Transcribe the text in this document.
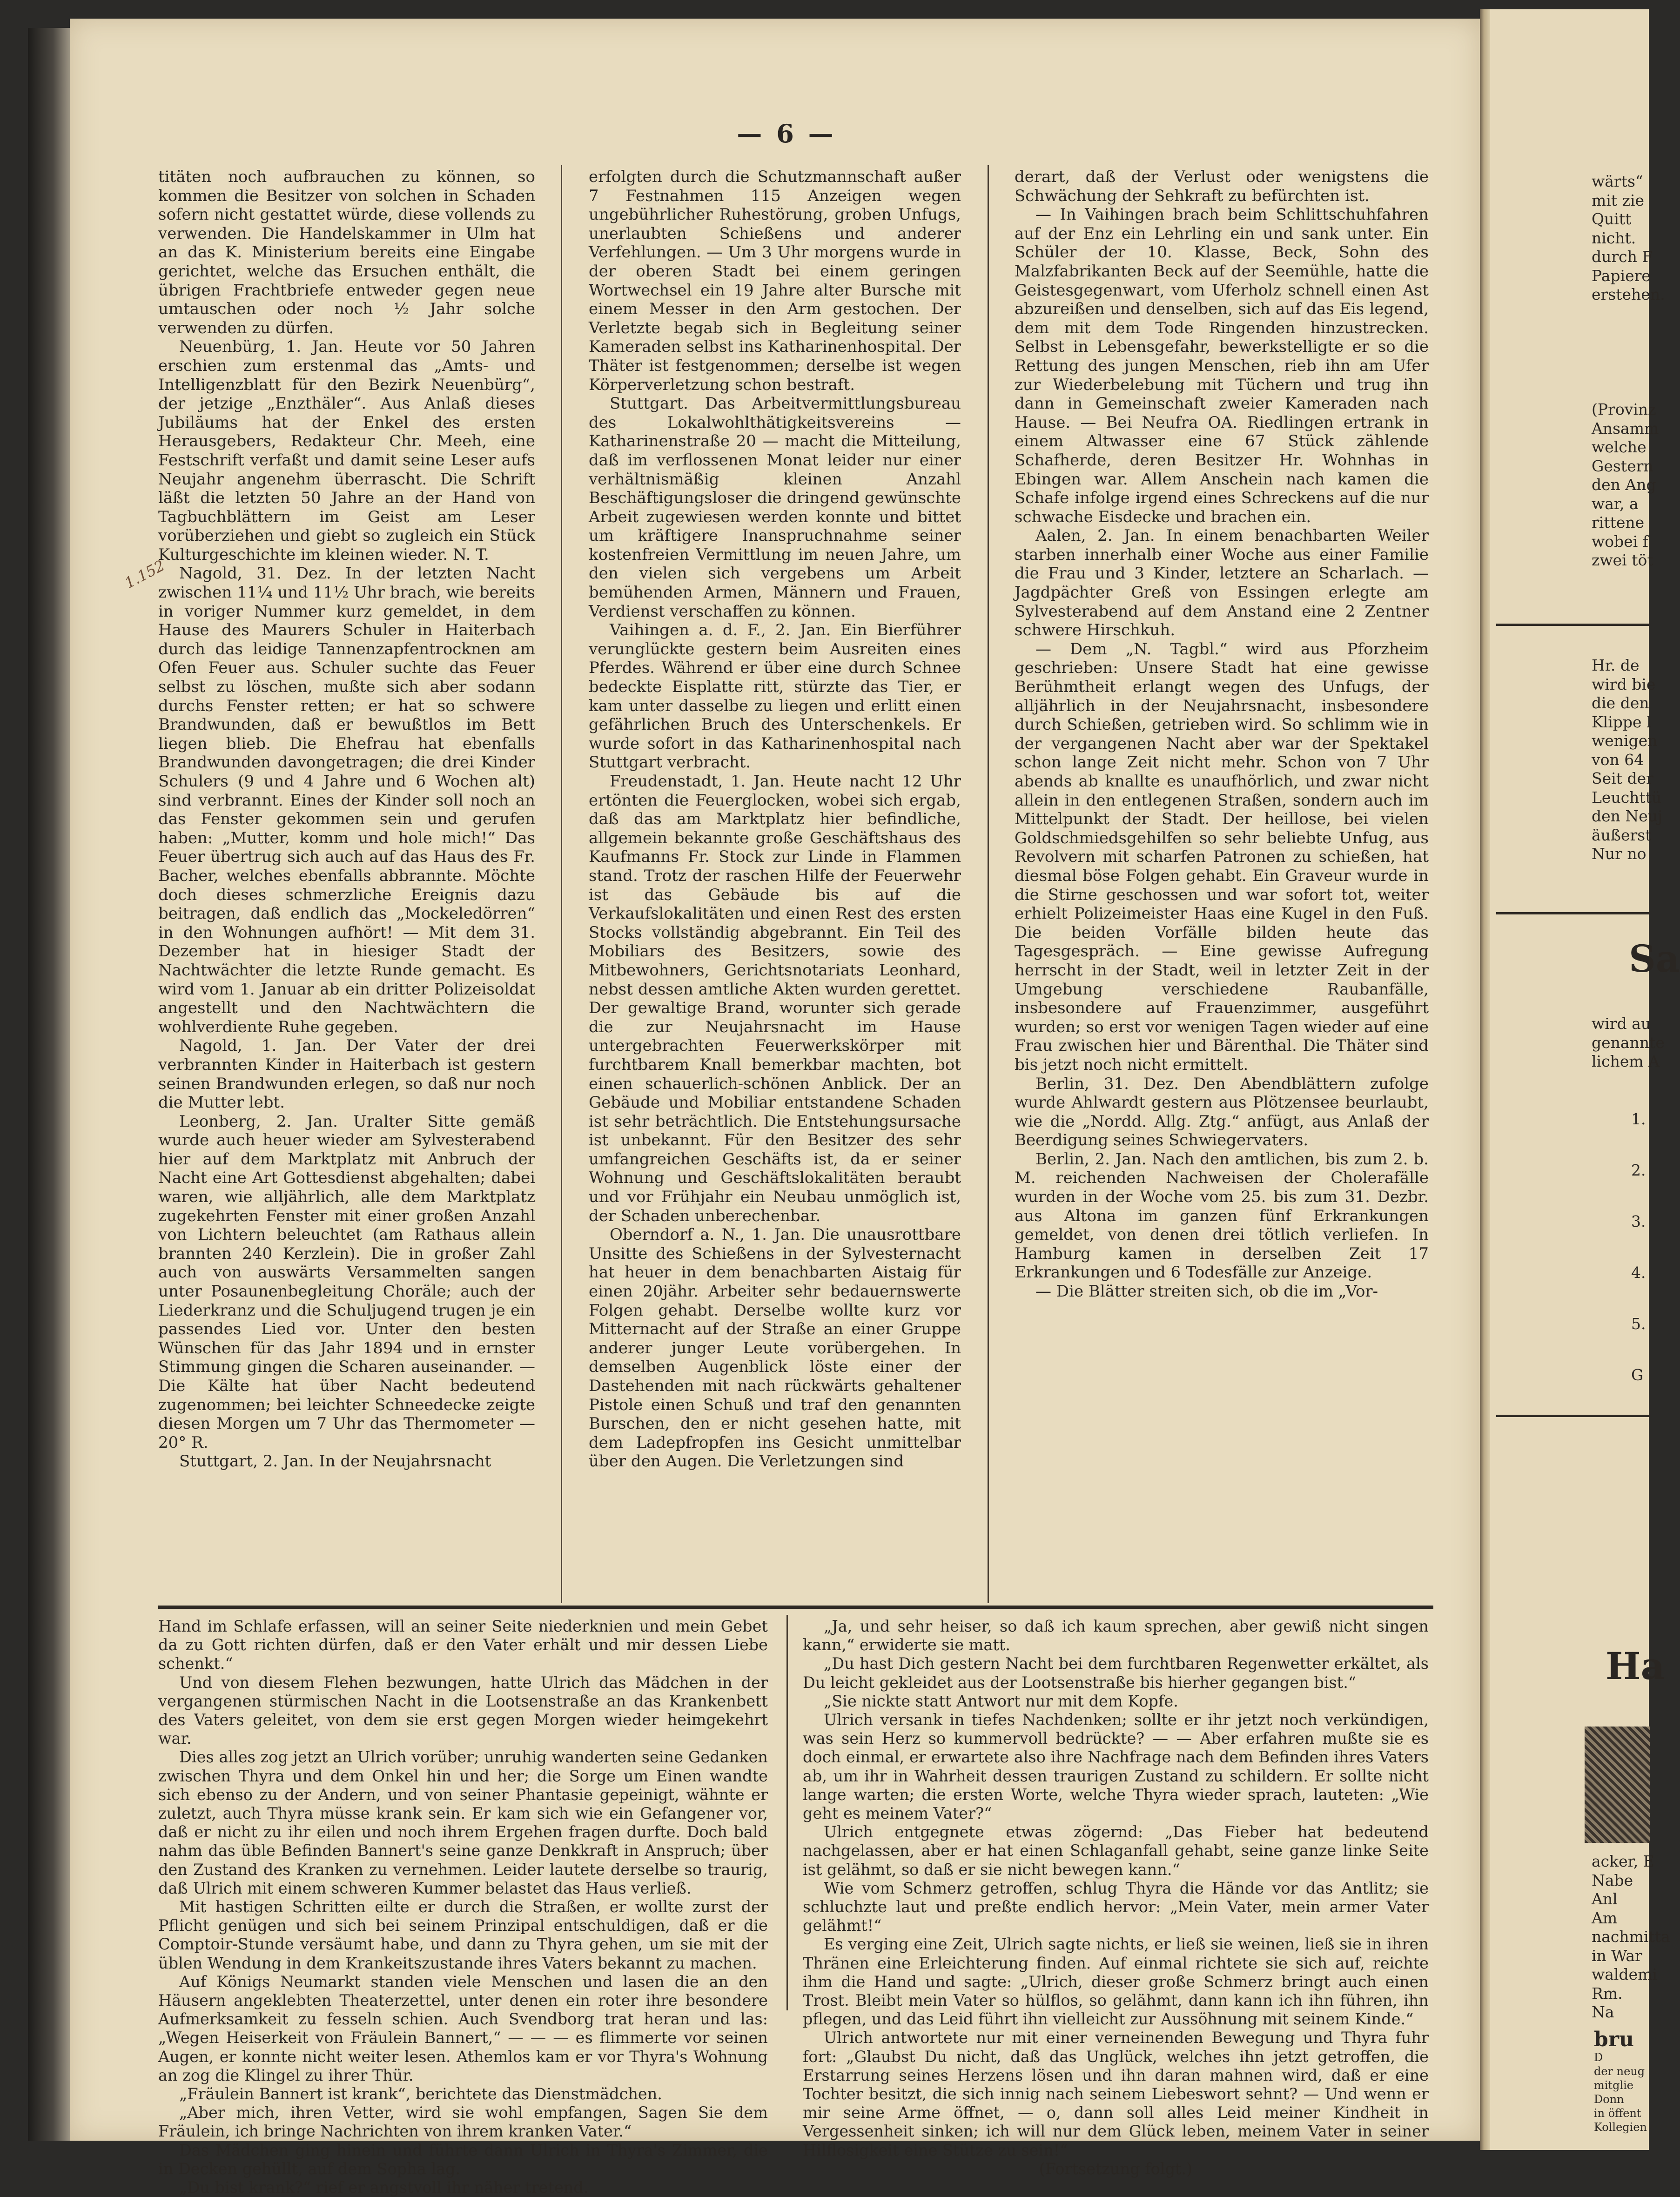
— 6 —
1.152

titäten noch aufbrauchen zu können, so kommen die Besitzer von solchen in Schaden sofern nicht gestattet würde, diese vollends zu verwenden. Die Handelskammer in Ulm hat an das K. Ministerium bereits eine Eingabe gerichtet, welche das Ersuchen enthält, die übrigen Frachtbriefe entweder gegen neue umtauschen oder noch ½ Jahr solche verwenden zu dürfen.

Neuenbürg, 1. Jan. Heute vor 50 Jahren erschien zum erstenmal das „Amts- und Intelligenzblatt für den Bezirk Neuenbürg“, der jetzige „Enzthäler“. Aus Anlaß dieses Jubiläums hat der Enkel des ersten Herausgebers, Redakteur Chr. Meeh, eine Festschrift verfaßt und damit seine Leser aufs Neujahr angenehm überrascht. Die Schrift läßt die letzten 50 Jahre an der Hand von Tagbuchblättern im Geist am Leser vorüberziehen und giebt so zugleich ein Stück Kulturgeschichte im kleinen wieder. N. T.

Nagold, 31. Dez. In der letzten Nacht zwischen 11¼ und 11½ Uhr brach, wie bereits in voriger Nummer kurz gemeldet, in dem Hause des Maurers Schuler in Haiterbach durch das leidige Tannenzapfentrocknen am Ofen Feuer aus. Schuler suchte das Feuer selbst zu löschen, mußte sich aber sodann durchs Fenster retten; er hat so schwere Brandwunden, daß er bewußtlos im Bett liegen blieb. Die Ehefrau hat ebenfalls Brandwunden davongetragen; die drei Kinder Schulers (9 und 4 Jahre und 6 Wochen alt) sind verbrannt. Eines der Kinder soll noch an das Fenster gekommen sein und gerufen haben: „Mutter, komm und hole mich!“ Das Feuer übertrug sich auch auf das Haus des Fr. Bacher, welches ebenfalls abbrannte. Möchte doch dieses schmerzliche Ereignis dazu beitragen, daß endlich das „Mockeledörren“ in den Wohnungen aufhört! — Mit dem 31. Dezember hat in hiesiger Stadt der Nachtwächter die letzte Runde gemacht. Es wird vom 1. Januar ab ein dritter Polizeisoldat angestellt und den Nachtwächtern die wohlverdiente Ruhe gegeben.

Nagold, 1. Jan. Der Vater der drei verbrannten Kinder in Haiterbach ist gestern seinen Brandwunden erlegen, so daß nur noch die Mutter lebt.

Leonberg, 2. Jan. Uralter Sitte gemäß wurde auch heuer wieder am Sylvesterabend hier auf dem Marktplatz mit Anbruch der Nacht eine Art Gottesdienst abgehalten; dabei waren, wie alljährlich, alle dem Marktplatz zugekehrten Fenster mit einer großen Anzahl von Lichtern beleuchtet (am Rathaus allein brannten 240 Kerzlein). Die in großer Zahl auch von auswärts Versammelten sangen unter Posaunenbegleitung Choräle; auch der Liederkranz und die Schuljugend trugen je ein passendes Lied vor. Unter den besten Wünschen für das Jahr 1894 und in ernster Stimmung gingen die Scharen auseinander. — Die Kälte hat über Nacht bedeutend zugenommen; bei leichter Schneedecke zeigte diesen Morgen um 7 Uhr das Thermometer — 20° R.

Stuttgart, 2. Jan. In der Neujahrsnacht

erfolgten durch die Schutzmannschaft außer 7 Festnahmen 115 Anzeigen wegen ungebührlicher Ruhestörung, groben Unfugs, unerlaubten Schießens und anderer Verfehlungen. — Um 3 Uhr morgens wurde in der oberen Stadt bei einem geringen Wortwechsel ein 19 Jahre alter Bursche mit einem Messer in den Arm gestochen. Der Verletzte begab sich in Begleitung seiner Kameraden selbst ins Katharinenhospital. Der Thäter ist festgenommen; derselbe ist wegen Körperverletzung schon bestraft.

Stuttgart. Das Arbeitvermittlungsbureau des Lokalwohlthätigkeitsvereins — Katharinenstraße 20 — macht die Mitteilung, daß im verflossenen Monat leider nur einer verhältnismäßig kleinen Anzahl Beschäftigungsloser die dringend gewünschte Arbeit zugewiesen werden konnte und bittet um kräftigere Inanspruchnahme seiner kostenfreien Vermittlung im neuen Jahre, um den vielen sich vergebens um Arbeit bemühenden Armen, Männern und Frauen, Verdienst verschaffen zu können.

Vaihingen a. d. F., 2. Jan. Ein Bierführer verunglückte gestern beim Ausreiten eines Pferdes. Während er über eine durch Schnee bedeckte Eisplatte ritt, stürzte das Tier, er kam unter dasselbe zu liegen und erlitt einen gefährlichen Bruch des Unterschenkels. Er wurde sofort in das Katharinenhospital nach Stuttgart verbracht.

Freudenstadt, 1. Jan. Heute nacht 12 Uhr ertönten die Feuerglocken, wobei sich ergab, daß das am Marktplatz hier befindliche, allgemein bekannte große Geschäftshaus des Kaufmanns Fr. Stock zur Linde in Flammen stand. Trotz der raschen Hilfe der Feuerwehr ist das Gebäude bis auf die Verkaufslokalitäten und einen Rest des ersten Stocks vollständig abgebrannt. Ein Teil des Mobiliars des Besitzers, sowie des Mitbewohners, Gerichtsnotariats Leonhard, nebst dessen amtliche Akten wurden gerettet. Der gewaltige Brand, worunter sich gerade die zur Neujahrsnacht im Hause untergebrachten Feuerwerkskörper mit furchtbarem Knall bemerkbar machten, bot einen schauerlich-schönen Anblick. Der an Gebäude und Mobiliar entstandene Schaden ist sehr beträchtlich. Die Entstehungsursache ist unbekannt. Für den Besitzer des sehr umfangreichen Geschäfts ist, da er seiner Wohnung und Geschäftslokalitäten beraubt und vor Frühjahr ein Neubau unmöglich ist, der Schaden unberechenbar.

Oberndorf a. N., 1. Jan. Die unausrottbare Unsitte des Schießens in der Sylvesternacht hat heuer in dem benachbarten Aistaig für einen 20jähr. Arbeiter sehr bedauernswerte Folgen gehabt. Derselbe wollte kurz vor Mitternacht auf der Straße an einer Gruppe anderer junger Leute vorübergehen. In demselben Augenblick löste einer der Dastehenden mit nach rückwärts gehaltener Pistole einen Schuß und traf den genannten Burschen, den er nicht gesehen hatte, mit dem Ladepfropfen ins Gesicht unmittelbar über den Augen. Die Verletzungen sind

derart, daß der Verlust oder wenigstens die Schwächung der Sehkraft zu befürchten ist.

— In Vaihingen brach beim Schlittschuhfahren auf der Enz ein Lehrling ein und sank unter. Ein Schüler der 10. Klasse, Beck, Sohn des Malzfabrikanten Beck auf der Seemühle, hatte die Geistesgegenwart, vom Uferholz schnell einen Ast abzureißen und denselben, sich auf das Eis legend, dem mit dem Tode Ringenden hinzustrecken. Selbst in Lebensgefahr, bewerkstelligte er so die Rettung des jungen Menschen, rieb ihn am Ufer zur Wiederbelebung mit Tüchern und trug ihn dann in Gemeinschaft zweier Kameraden nach Hause. — Bei Neufra OA. Riedlingen ertrank in einem Altwasser eine 67 Stück zählende Schafherde, deren Besitzer Hr. Wohnhas in Ebingen war. Allem Anschein nach kamen die Schafe infolge irgend eines Schreckens auf die nur schwache Eisdecke und brachen ein.

Aalen, 2. Jan. In einem benachbarten Weiler starben innerhalb einer Woche aus einer Familie die Frau und 3 Kinder, letztere an Scharlach. — Jagdpächter Greß von Essingen erlegte am Sylvesterabend auf dem Anstand eine 2 Zentner schwere Hirschkuh.

— Dem „N. Tagbl.“ wird aus Pforzheim geschrieben: Unsere Stadt hat eine gewisse Berühmtheit erlangt wegen des Unfugs, der alljährlich in der Neujahrsnacht, insbesondere durch Schießen, getrieben wird. So schlimm wie in der vergangenen Nacht aber war der Spektakel schon lange Zeit nicht mehr. Schon von 7 Uhr abends ab knallte es unaufhörlich, und zwar nicht allein in den entlegenen Straßen, sondern auch im Mittelpunkt der Stadt. Der heillose, bei vielen Goldschmiedsgehilfen so sehr beliebte Unfug, aus Revolvern mit scharfen Patronen zu schießen, hat diesmal böse Folgen gehabt. Ein Graveur wurde in die Stirne geschossen und war sofort tot, weiter erhielt Polizeimeister Haas eine Kugel in den Fuß. Die beiden Vorfälle bilden heute das Tagesgespräch. — Eine gewisse Aufregung herrscht in der Stadt, weil in letzter Zeit in der Umgebung verschiedene Raubanfälle, insbesondere auf Frauenzimmer, ausgeführt wurden; so erst vor wenigen Tagen wieder auf eine Frau zwischen hier und Bärenthal. Die Thäter sind bis jetzt noch nicht ermittelt.

Berlin, 31. Dez. Den Abendblättern zufolge wurde Ahlwardt gestern aus Plötzensee beurlaubt, wie die „Nordd. Allg. Ztg.“ anfügt, aus Anlaß der Beerdigung seines Schwiegervaters.

Berlin, 2. Jan. Nach den amtlichen, bis zum 2. b. M. reichenden Nachweisen der Cholerafälle wurden in der Woche vom 25. bis zum 31. Dezbr. aus Altona im ganzen fünf Erkrankungen gemeldet, von denen drei tötlich verliefen. In Hamburg kamen in derselben Zeit 17 Erkrankungen und 6 Todesfälle zur Anzeige.

— Die Blätter streiten sich, ob die im „Vor-

Hand im Schlafe erfassen, will an seiner Seite niederknien und mein Gebet da zu Gott richten dürfen, daß er den Vater erhält und mir dessen Liebe schenkt.“

Und von diesem Flehen bezwungen, hatte Ulrich das Mädchen in der vergangenen stürmischen Nacht in die Lootsenstraße an das Krankenbett des Vaters geleitet, von dem sie erst gegen Morgen wieder heimgekehrt war.

Dies alles zog jetzt an Ulrich vorüber; unruhig wanderten seine Gedanken zwischen Thyra und dem Onkel hin und her; die Sorge um Einen wandte sich ebenso zu der Andern, und von seiner Phantasie gepeinigt, wähnte er zuletzt, auch Thyra müsse krank sein. Er kam sich wie ein Gefangener vor, daß er nicht zu ihr eilen und noch ihrem Ergehen fragen durfte. Doch bald nahm das üble Befinden Bannert's seine ganze Denkkraft in Anspruch; über den Zustand des Kranken zu vernehmen. Leider lautete derselbe so traurig, daß Ulrich mit einem schweren Kummer belastet das Haus verließ.

Mit hastigen Schritten eilte er durch die Straßen, er wollte zurst der Pflicht genügen und sich bei seinem Prinzipal entschuldigen, daß er die Comptoir-Stunde versäumt habe, und dann zu Thyra gehen, um sie mit der üblen Wendung in dem Krankeitszustande ihres Vaters bekannt zu machen.

Auf Königs Neumarkt standen viele Menschen und lasen die an den Häusern angeklebten Theaterzettel, unter denen ein roter ihre besondere Aufmerksamkeit zu fesseln schien. Auch Svendborg trat heran und las: „Wegen Heiserkeit von Fräulein Bannert,“ — — — es flimmerte vor seinen Augen, er konnte nicht weiter lesen. Athemlos kam er vor Thyra's Wohnung an zog die Klingel zu ihrer Thür.

„Fräulein Bannert ist krank“, berichtete das Dienstmädchen.

„Aber mich, ihren Vetter, wird sie wohl empfangen, Sagen Sie dem Fräulein, ich bringe Nachrichten von ihrem kranken Vater.“

Das Mädchen ging hinein und führte dann Ulrich in Thyra's Zimmer, die in Decken gehüllt, auf dem Sopha lag.

„Du bist krank?“ rief er angstvoll ihr näher tretend.

„Ja, und sehr heiser, so daß ich kaum sprechen, aber gewiß nicht singen kann,“ erwiderte sie matt.

„Du hast Dich gestern Nacht bei dem furchtbaren Regenwetter erkältet, als Du leicht gekleidet aus der Lootsenstraße bis hierher gegangen bist.“

„Sie nickte statt Antwort nur mit dem Kopfe.

Ulrich versank in tiefes Nachdenken; sollte er ihr jetzt noch verkündigen, was sein Herz so kummervoll bedrückte? — — Aber erfahren mußte sie es doch einmal, er erwartete also ihre Nachfrage nach dem Befinden ihres Vaters ab, um ihr in Wahrheit dessen traurigen Zustand zu schildern. Er sollte nicht lange warten; die ersten Worte, welche Thyra wieder sprach, lauteten: „Wie geht es meinem Vater?“

Ulrich entgegnete etwas zögernd: „Das Fieber hat bedeutend nachgelassen, aber er hat einen Schlaganfall gehabt, seine ganze linke Seite ist gelähmt, so daß er sie nicht bewegen kann.“

Wie vom Schmerz getroffen, schlug Thyra die Hände vor das Antlitz; sie schluchzte laut und preßte endlich hervor: „Mein Vater, mein armer Vater gelähmt!“

Es verging eine Zeit, Ulrich sagte nichts, er ließ sie weinen, ließ sie in ihren Thränen eine Erleichterung finden. Auf einmal richtete sie sich auf, reichte ihm die Hand und sagte: „Ulrich, dieser große Schmerz bringt auch einen Trost. Bleibt mein Vater so hülflos, so gelähmt, dann kann ich ihn führen, ihn pflegen, und das Leid führt ihn vielleicht zur Aussöhnung mit seinem Kinde.“

Ulrich antwortete nur mit einer verneinenden Bewegung und Thyra fuhr fort: „Glaubst Du nicht, daß das Unglück, welches ihn jetzt getroffen, die Erstarrung seines Herzens lösen und ihn daran mahnen wird, daß er eine Tochter besitzt, die sich innig nach seinem Liebeswort sehnt? — Und wenn er mir seine Arme öffnet, — o, dann soll alles Leid meiner Kindheit in Vergessenheit sinken; ich will nur dem Glück leben, meinem Vater in seiner Hilflosigkeit eine Stütze zu sein!“

(Fortsetzung folgt.)

wärts“
mit zie
Quitt
nicht.
durch F
Papiere
erstehen.
(Provinz
Ansamm
welche
Gestern
den Ang
war, a
rittene
wobei f
zwei töt
Hr. de
wird bie
die den
Klippe l
wenigen
von 64
Seit der
Leuchttü
den Neuj
äußerst
Nur no
Sa
wird au
genannte
lichem A
1.
2.
3.
4.
5.
G
Ha
acker, E
Nabe
Anl
Am
nachmitta
in War
waldemi
Rm.
Na
bru
D
der neug
mitglie
Donn
in öffent
Kollegien
